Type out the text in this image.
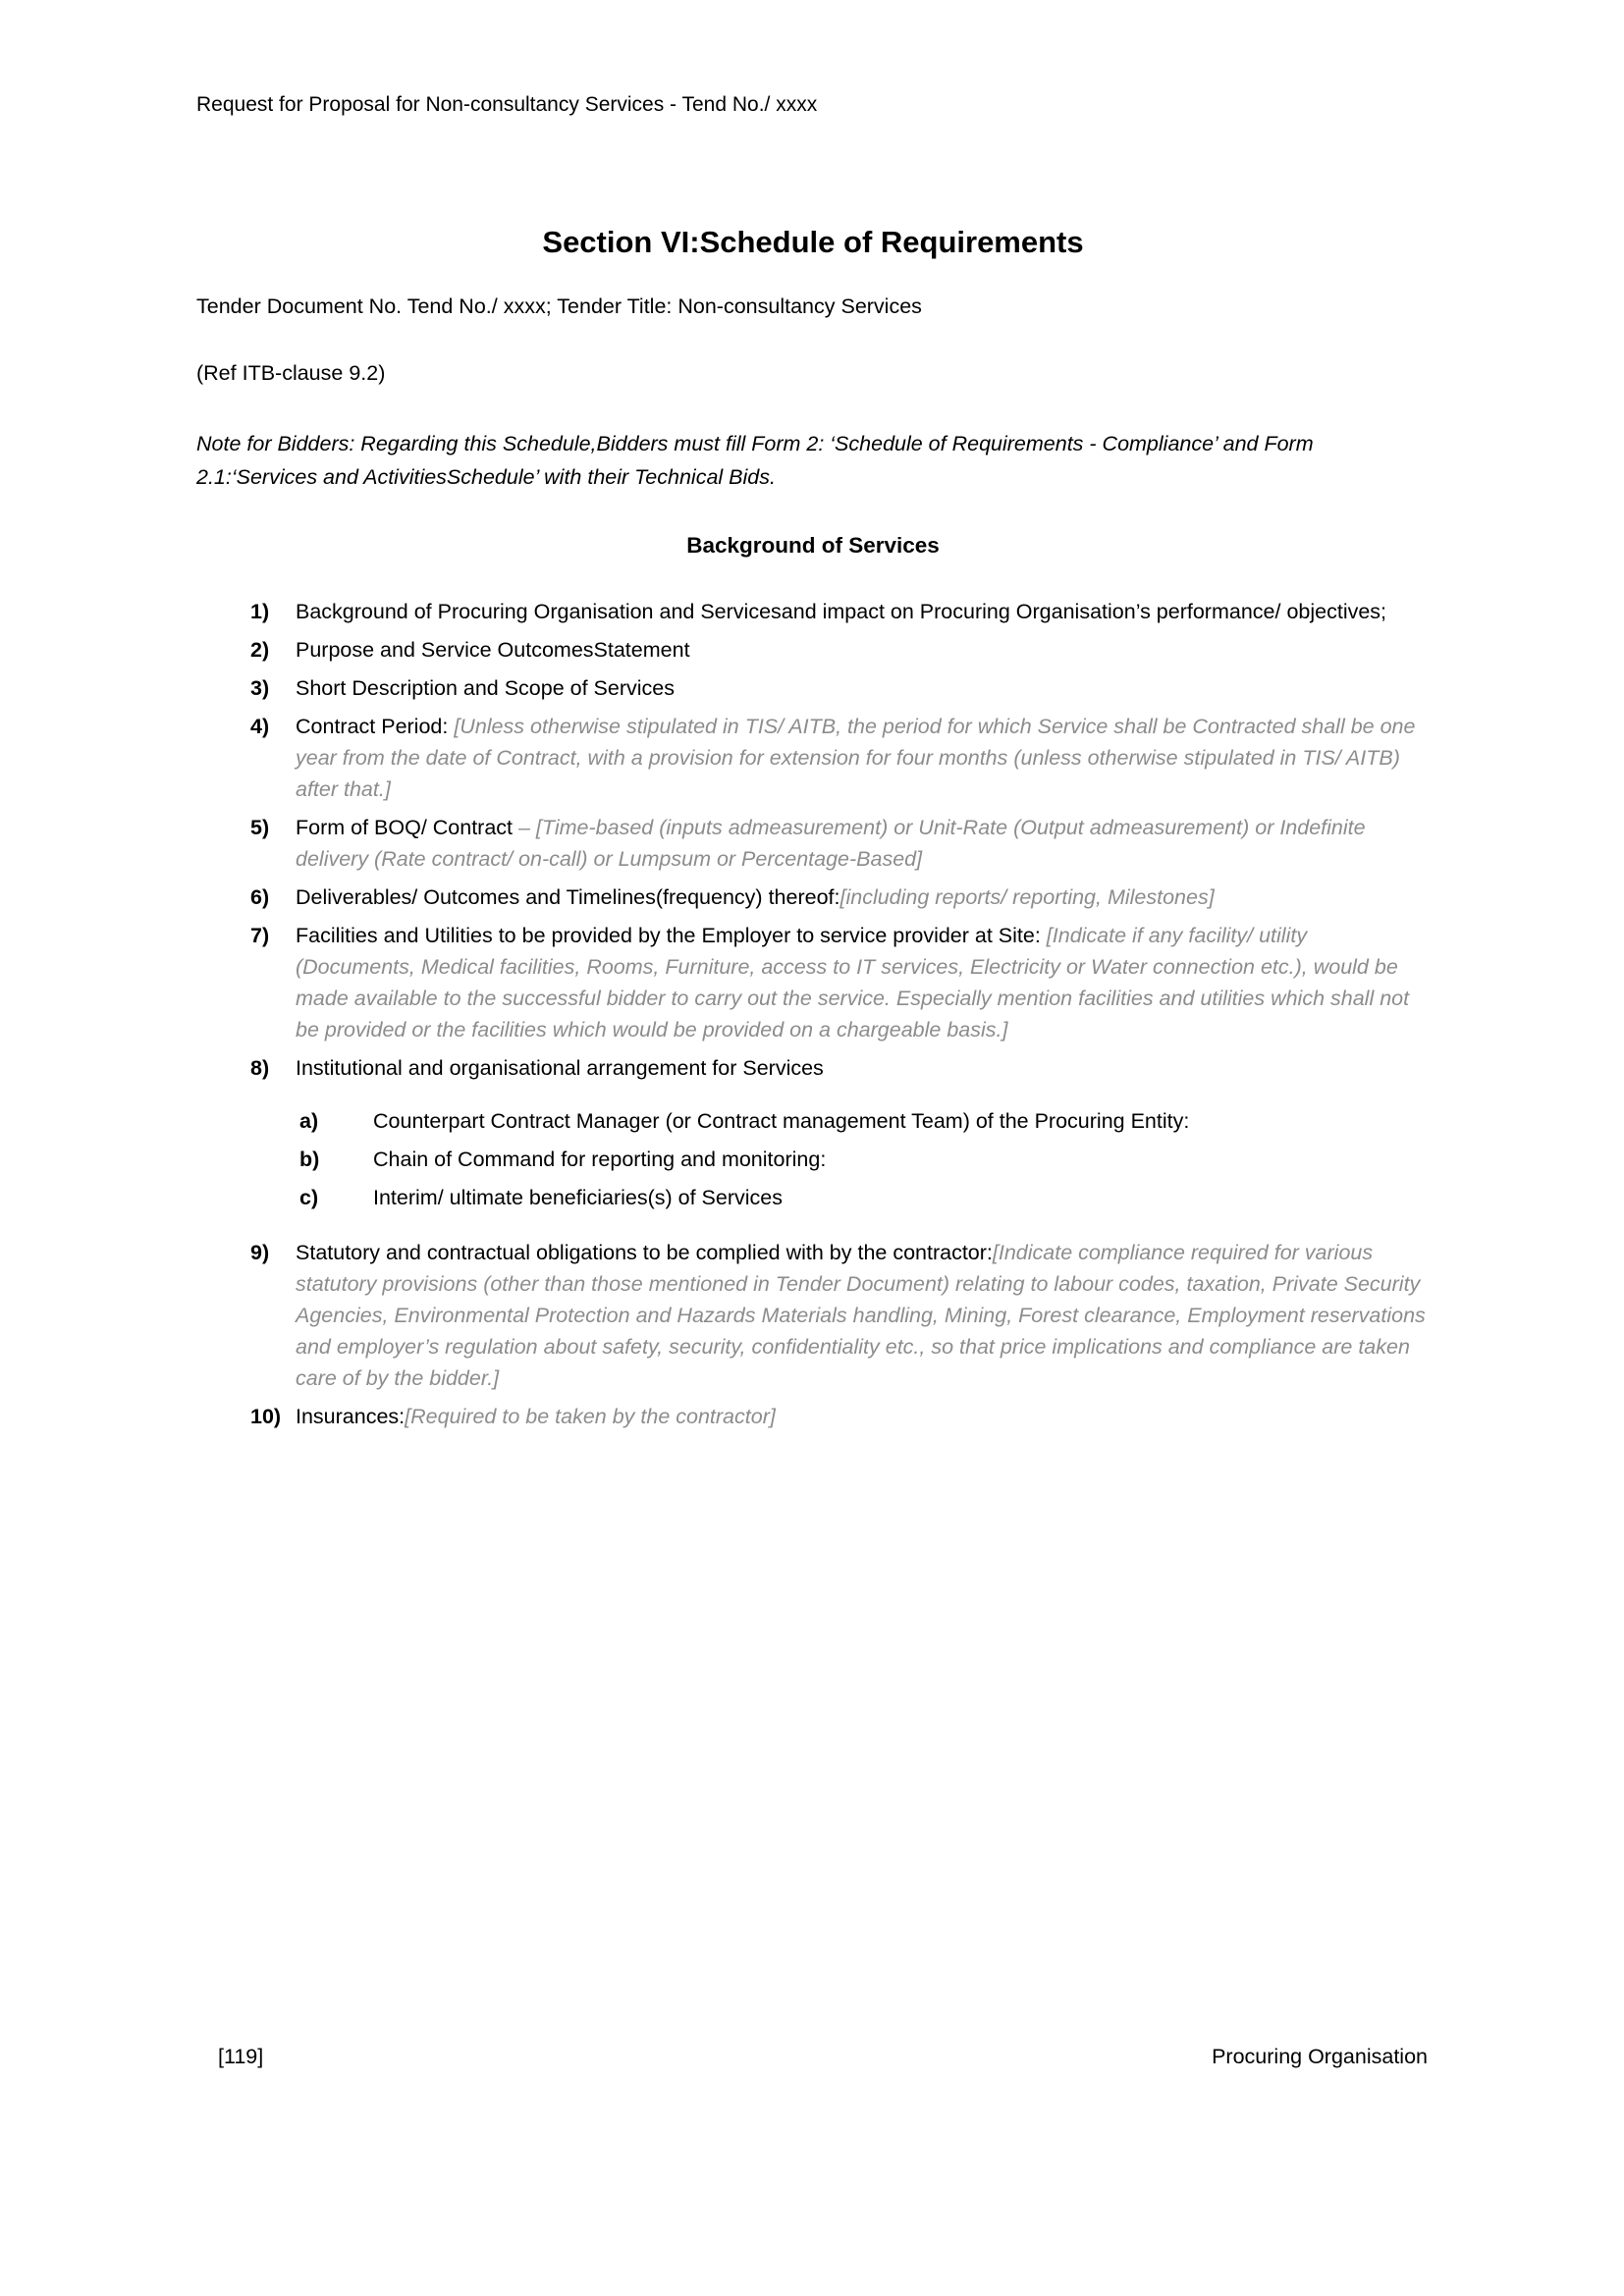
Request for Proposal for Non-consultancy Services - Tend No./ xxxx
Section VI:Schedule of Requirements

Tender Document No. Tend No./ xxxx; Tender Title: Non-consultancy Services

(Ref ITB-clause 9.2)

Note for Bidders: Regarding this Schedule,Bidders must fill Form 2: ‘Schedule of Requirements - Compliance’ and Form 2.1:‘Services and ActivitiesSchedule’ with their Technical Bids.

Background of Services
1)	Background of Procuring Organisation and Servicesand impact on Procuring Organisation’s performance/ objectives;
2)	Purpose and Service OutcomesStatement
3)	Short Description and Scope of Services
4)	Contract Period: [Unless otherwise stipulated in TIS/ AITB, the period for which Service shall be Contracted shall be one year from the date of Contract, with a provision for extension for four months (unless otherwise stipulated in TIS/ AITB) after that.]
5)	Form of BOQ/ Contract – [Time-based (inputs admeasurement) or Unit-Rate (Output admeasurement) or Indefinite delivery (Rate contract/ on-call) or Lumpsum or Percentage-Based]
6)	Deliverables/ Outcomes and Timelines(frequency) thereof:[including reports/ reporting, Milestones]
7)	Facilities and Utilities to be provided by the Employer to service provider at Site: [Indicate if any facility/ utility (Documents, Medical facilities, Rooms, Furniture, access to IT services, Electricity or Water connection etc.), would be made available to the successful bidder to carry out the service. Especially mention facilities and utilities which shall not be provided or the facilities which would be provided on a chargeable basis.]
8)	Institutional and organisational arrangement for Services
a)	Counterpart Contract Manager (or Contract management Team) of the Procuring Entity:
b)	Chain of Command for reporting and monitoring:
c)	Interim/ ultimate beneficiaries(s) of Services
9)	Statutory and contractual obligations to be complied with by the contractor:[Indicate compliance required for various statutory provisions (other than those mentioned in Tender Document) relating to labour codes, taxation, Private Security Agencies, Environmental Protection and Hazards Materials handling, Mining, Forest clearance, Employment reservations and employer’s regulation about safety, security, confidentiality etc., so that price implications and compliance are taken care of by the bidder.]
10) Insurances:[Required to be taken by the contractor]
[119]	Procuring Organisation
